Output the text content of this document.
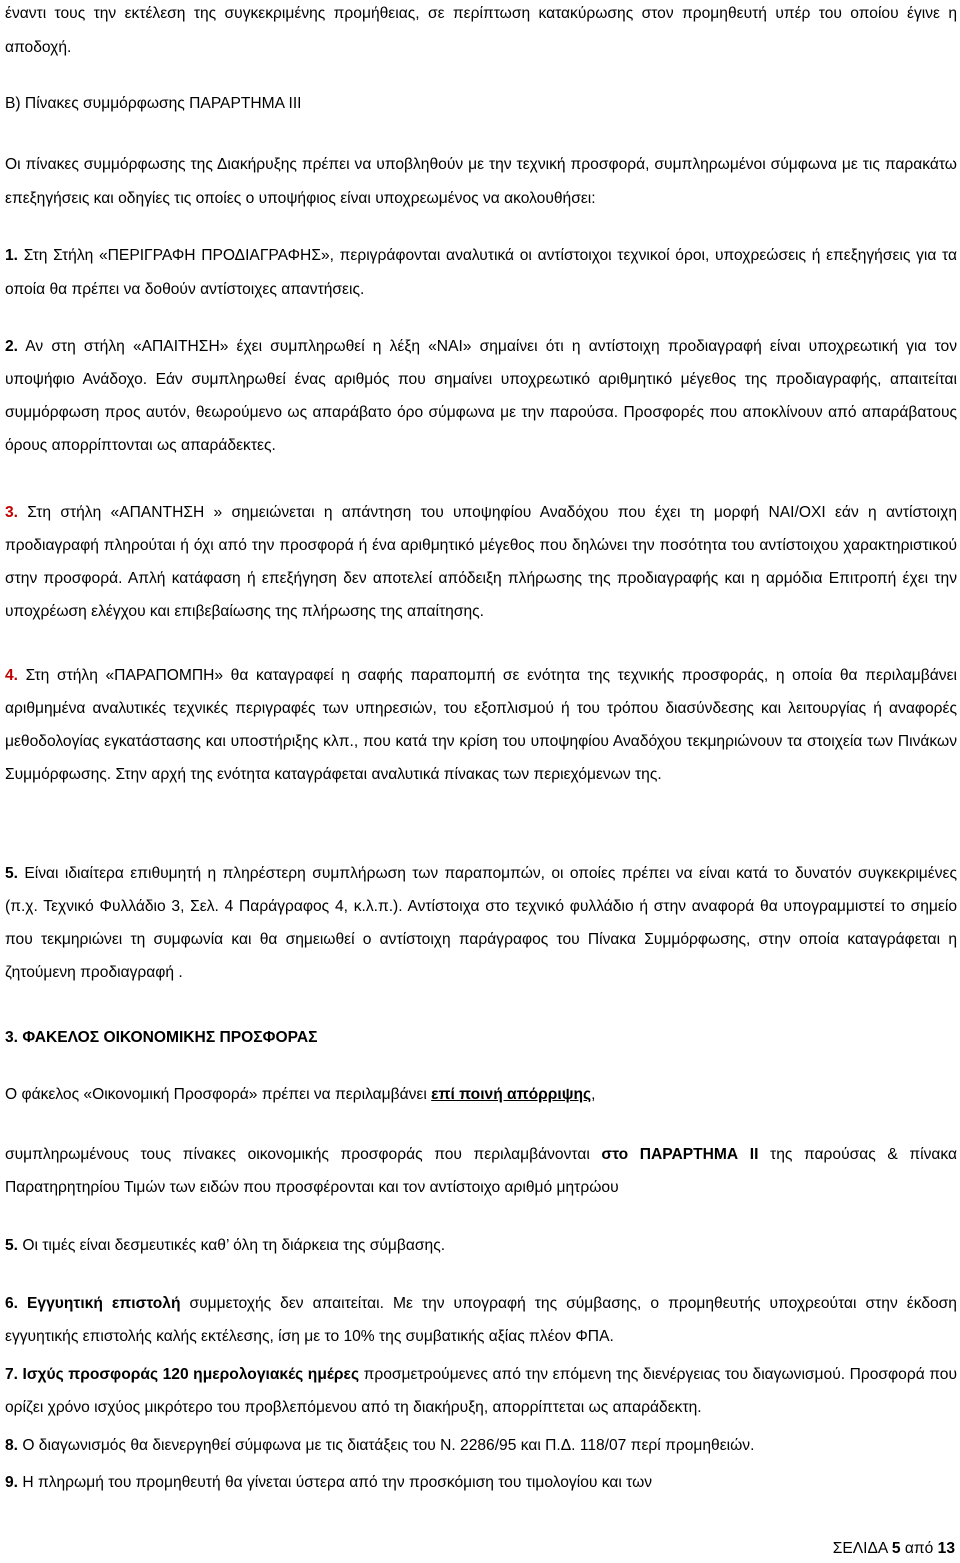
έναντι τους την εκτέλεση της συγκεκριμένης προμήθειας, σε περίπτωση κατακύρωσης στον προμηθευτή υπέρ του οποίου έγινε η αποδοχή.

Β) Πίνακες συμμόρφωσης ΠΑΡΑΡΤΗΜΑ ΙΙΙ

Οι πίνακες συμμόρφωσης της Διακήρυξης πρέπει να υποβληθούν με την τεχνική προσφορά, συμπληρωμένοι σύμφωνα με τις παρακάτω επεξηγήσεις και οδηγίες τις οποίες ο υποψήφιος είναι υποχρεωμένος να ακολουθήσει:

1. Στη Στήλη «ΠΕΡΙΓΡΑΦΗ ΠΡΟΔΙΑΓΡΑΦΗΣ», περιγράφονται αναλυτικά οι αντίστοιχοι τεχνικοί όροι, υποχρεώσεις ή επεξηγήσεις για τα οποία θα πρέπει να δοθούν αντίστοιχες απαντήσεις.

2. Αν στη στήλη «ΑΠΑΙΤΗΣΗ» έχει συμπληρωθεί η λέξη «ΝΑΙ» σημαίνει ότι η αντίστοιχη προδιαγραφή είναι υποχρεωτική για τον υποψήφιο Ανάδοχο. Εάν συμπληρωθεί ένας αριθμός που σημαίνει υποχρεωτικό αριθμητικό μέγεθος της προδιαγραφής, απαιτείται συμμόρφωση προς αυτόν, θεωρούμενο ως απαράβατο όρο σύμφωνα με την παρούσα. Προσφορές που αποκλίνουν από απαράβατους όρους απορρίπτονται ως απαράδεκτες.

3. Στη στήλη «ΑΠΑΝΤΗΣΗ » σημειώνεται η απάντηση του υποψηφίου Αναδόχου που έχει τη μορφή ΝΑΙ/ΟΧΙ εάν η αντίστοιχη προδιαγραφή πληρούται ή όχι από την προσφορά ή ένα αριθμητικό μέγεθος που δηλώνει την ποσότητα του αντίστοιχου χαρακτηριστικού στην προσφορά. Απλή κατάφαση ή επεξήγηση δεν αποτελεί απόδειξη πλήρωσης της προδιαγραφής και η αρμόδια Επιτροπή έχει την υποχρέωση ελέγχου και επιβεβαίωσης της πλήρωσης της απαίτησης.

4. Στη στήλη «ΠΑΡΑΠΟΜΠΗ» θα καταγραφεί η σαφής παραπομπή σε ενότητα της τεχνικής προσφοράς, η οποία θα περιλαμβάνει αριθμημένα αναλυτικές τεχνικές περιγραφές των υπηρεσιών, του εξοπλισμού ή του τρόπου διασύνδεσης και λειτουργίας ή αναφορές μεθοδολογίας εγκατάστασης και υποστήριξης κλπ., που κατά την κρίση του υποψηφίου Αναδόχου τεκμηριώνουν τα στοιχεία των Πινάκων Συμμόρφωσης. Στην αρχή της ενότητα καταγράφεται αναλυτικά πίνακας των περιεχόμενων της.

5. Είναι ιδιαίτερα επιθυμητή η πληρέστερη συμπλήρωση των παραπομπών, οι οποίες πρέπει να είναι κατά το δυνατόν συγκεκριμένες (π.χ. Τεχνικό Φυλλάδιο 3, Σελ. 4 Παράγραφος 4, κ.λ.π.). Αντίστοιχα στο τεχνικό φυλλάδιο ή στην αναφορά θα υπογραμμιστεί το σημείο που τεκμηριώνει τη συμφωνία και θα σημειωθεί ο αντίστοιχη παράγραφος του Πίνακα Συμμόρφωσης, στην οποία καταγράφεται η ζητούμενη προδιαγραφή .

3. ΦΑΚΕΛΟΣ ΟΙΚΟΝΟΜΙΚΗΣ ΠΡΟΣΦΟΡΑΣ

Ο φάκελος «Οικονομική Προσφορά» πρέπει να περιλαμβάνει επί ποινή απόρριψης,

συμπληρωμένους τους πίνακες οικονομικής προσφοράς που περιλαμβάνονται στο ΠΑΡΑΡΤΗΜΑ ΙΙ της παρούσας & πίνακα Παρατηρητηρίου Τιμών των ειδών που προσφέρονται και τον αντίστοιχο αριθμό μητρώου

5. Οι τιμές είναι δεσμευτικές καθ’ όλη τη διάρκεια της σύμβασης.

6. Εγγυητική επιστολή συμμετοχής δεν απαιτείται. Με την υπογραφή της σύμβασης, ο προμηθευτής υποχρεούται στην έκδοση εγγυητικής επιστολής καλής εκτέλεσης, ίση με το 10% της συμβατικής αξίας πλέον ΦΠΑ.

7. Ισχύς προσφοράς 120 ημερολογιακές ημέρες προσμετρούμενες από την επόμενη της διενέργειας του διαγωνισμού. Προσφορά που ορίζει χρόνο ισχύος μικρότερο του προβλεπόμενου από τη διακήρυξη, απορρίπτεται ως απαράδεκτη.

8. Ο διαγωνισμός θα διενεργηθεί σύμφωνα με τις διατάξεις του Ν. 2286/95 και Π.Δ. 118/07 περί προμηθειών.

9. Η πληρωμή του προμηθευτή θα γίνεται ύστερα από την προσκόμιση του τιμολογίου και των

ΣΕΛΙΔΑ 5 από 13
